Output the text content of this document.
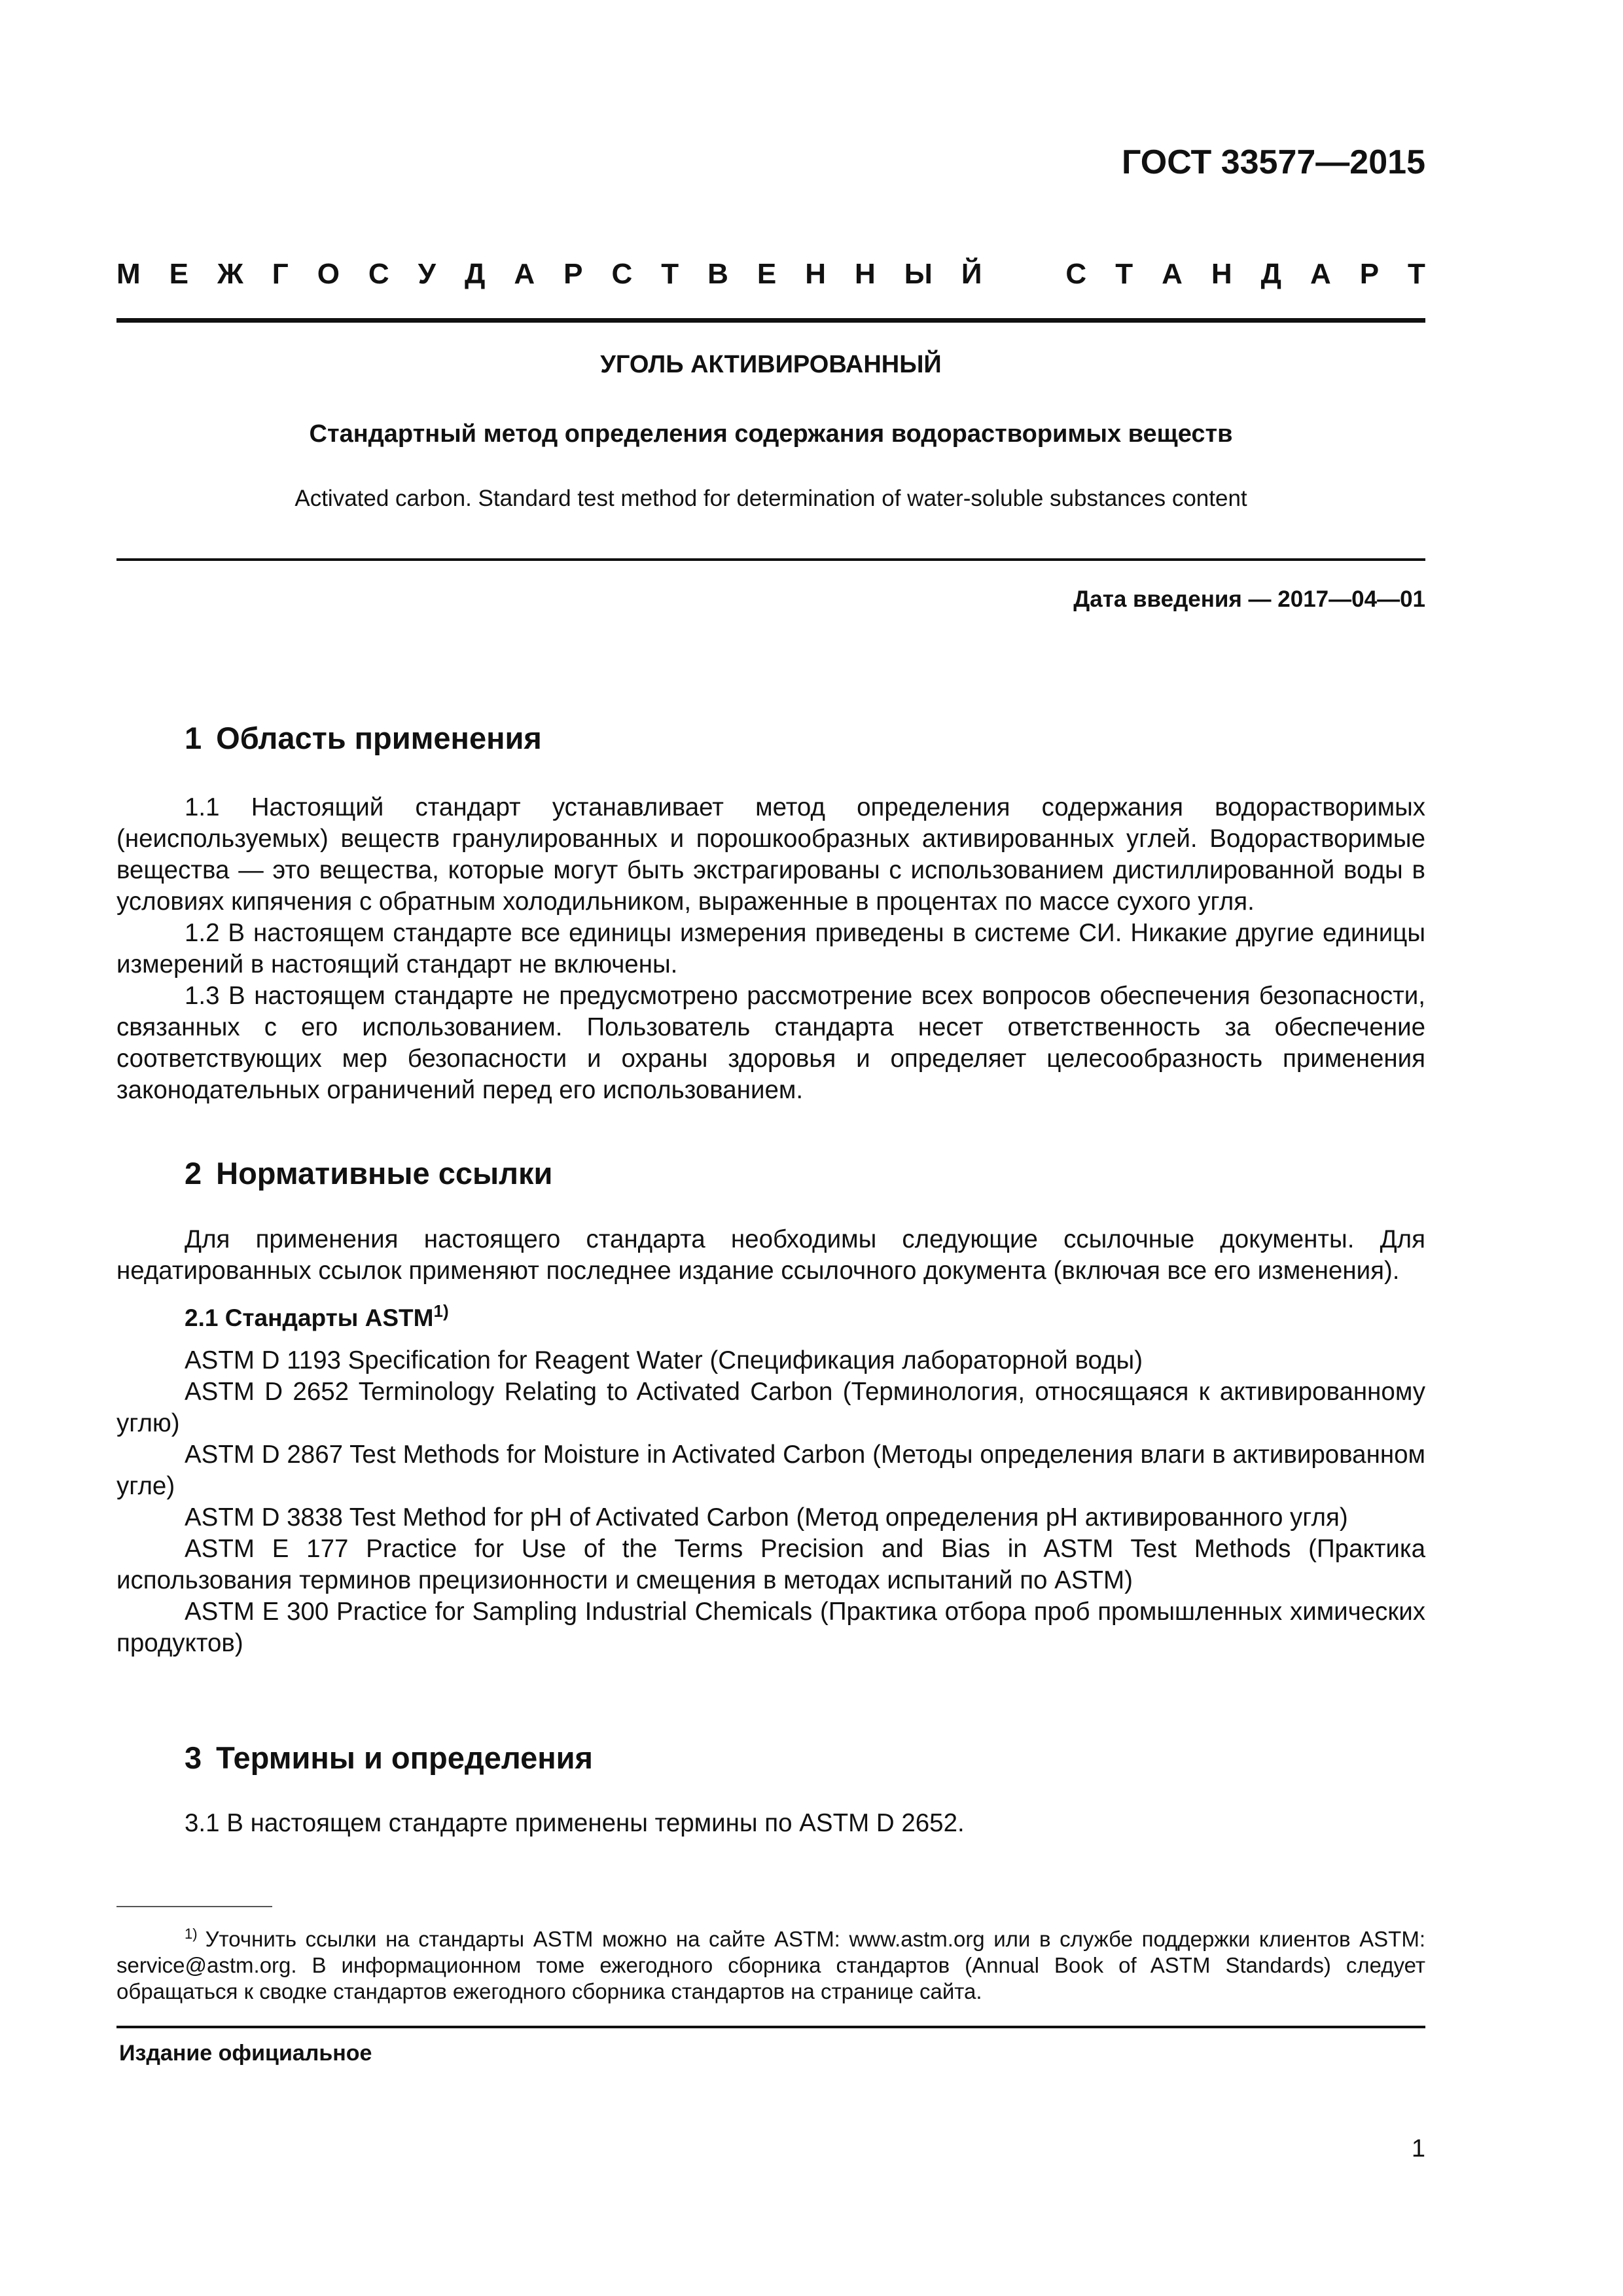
ГОСТ 33577—2015
М Е Ж Г О С У Д А Р С Т В Е Н Н Ы Й	С Т А Н Д А Р Т
УГОЛЬ АКТИВИРОВАННЫЙ
Стандартный метод определения содержания водорастворимых веществ
Activated carbon. Standard test method for determination of water-soluble substances content
Дата введения — 2017—04—01
1 Область применения

1.1 Настоящий стандарт устанавливает метод определения содержания водорастворимых (неиспользуемых) веществ гранулированных и порошкообразных активированных углей. Водорастворимые вещества — это вещества, которые могут быть экстрагированы с использованием дистиллированной воды в условиях кипячения с обратным холодильником, выраженные в процентах по массе сухого угля.

1.2 В настоящем стандарте все единицы измерения приведены в системе СИ. Никакие другие единицы измерений в настоящий стандарт не включены.

1.3 В настоящем стандарте не предусмотрено рассмотрение всех вопросов обеспечения безопасности, связанных с его использованием. Пользователь стандарта несет ответственность за обеспечение соответствующих мер безопасности и охраны здоровья и определяет целесообразность применения законодательных ограничений перед его использованием.

2 Нормативные ссылки

Для применения настоящего стандарта необходимы следующие ссылочные документы. Для недатированных ссылок применяют последнее издание ссылочного документа (включая все его изменения).

2.1 Стандарты ASTM$^{1)}$

ASTM D 1193 Specification for Reagent Water (Спецификация лабораторной воды)

ASTM D 2652 Terminology Relating to Activated Carbon (Терминология, относящаяся к активированному углю)

ASTM D 2867 Test Methods for Moisture in Activated Carbon (Методы определения влаги в активированном угле)

ASTM D 3838 Test Method for pH of Activated Carbon (Метод определения pH активированного угля)

ASTM E 177 Practice for Use of the Terms Precision and Bias in ASTM Test Methods (Практика использования терминов прецизионности и смещения в методах испытаний по ASTM)

ASTM E 300 Practice for Sampling Industrial Chemicals (Практика отбора проб промышленных химических продуктов)

3 Термины и определения

3.1 В настоящем стандарте применены термины по ASTM D 2652.

$^{1)}$ Уточнить ссылки на стандарты ASTM можно на сайте ASTM: www.astm.org или в службе поддержки клиентов ASTM: service@astm.org. В информационном томе ежегодного сборника стандартов (Annual Book of ASTM Standards) следует обращаться к сводке стандартов ежегодного сборника стандартов на странице сайта.
Издание официальное
1
